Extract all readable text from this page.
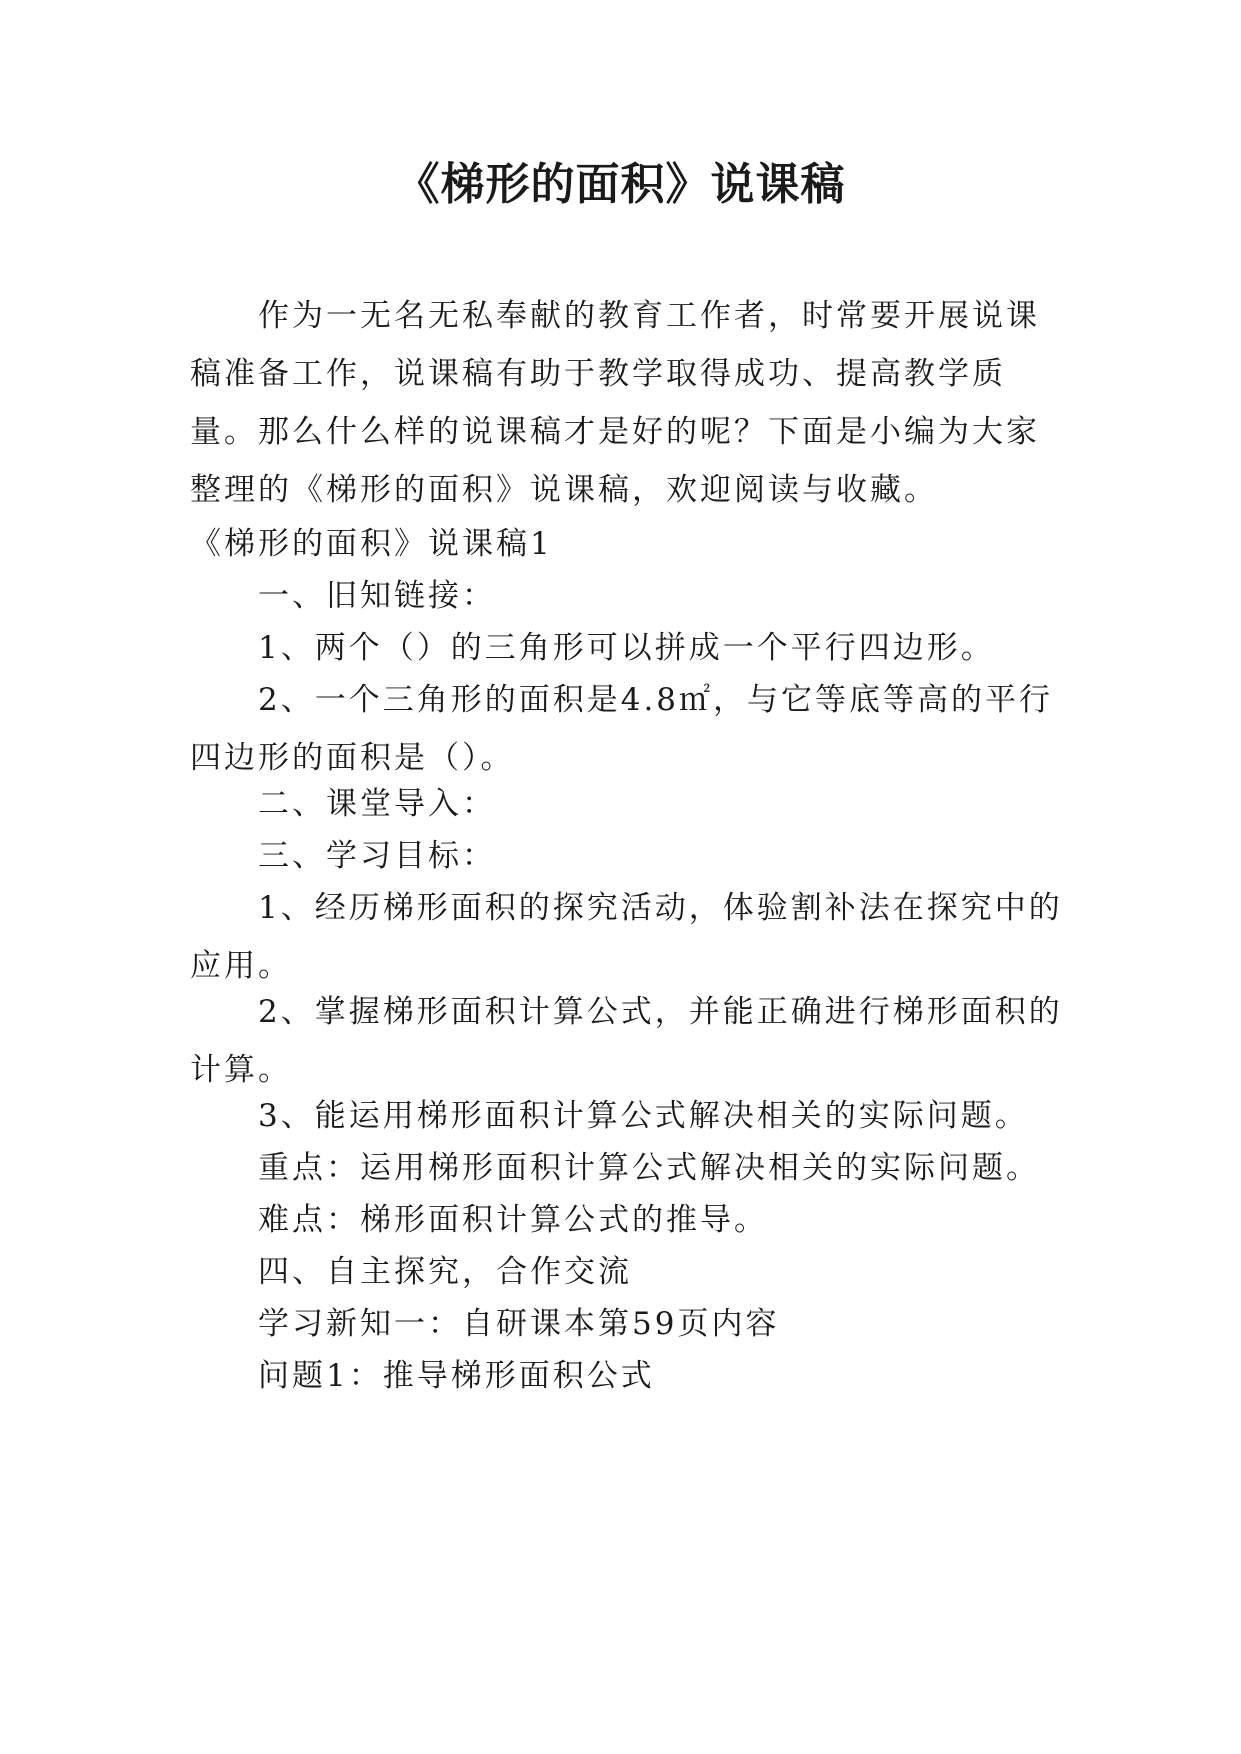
《梯形的面积》说课稿

作为一无名无私奉献的教育工作者，时常要开展说课稿准备工作，说课稿有助于教学取得成功、提高教学质量。那么什么样的说课稿才是好的呢？下面是小编为大家整理的《梯形的面积》说课稿，欢迎阅读与收藏。

《梯形的面积》说课稿1

一、旧知链接：

1、两个（）的三角形可以拼成一个平行四边形。

2、一个三角形的面积是4.8㎡，与它等底等高的平行四边形的面积是（）。

二、课堂导入：

三、学习目标：

1、经历梯形面积的探究活动，体验割补法在探究中的应用。

2、掌握梯形面积计算公式，并能正确进行梯形面积的计算。

3、能运用梯形面积计算公式解决相关的实际问题。

重点：运用梯形面积计算公式解决相关的实际问题。

难点：梯形面积计算公式的推导。

四、自主探究，合作交流

学习新知一：自研课本第59页内容

问题1：推导梯形面积公式
